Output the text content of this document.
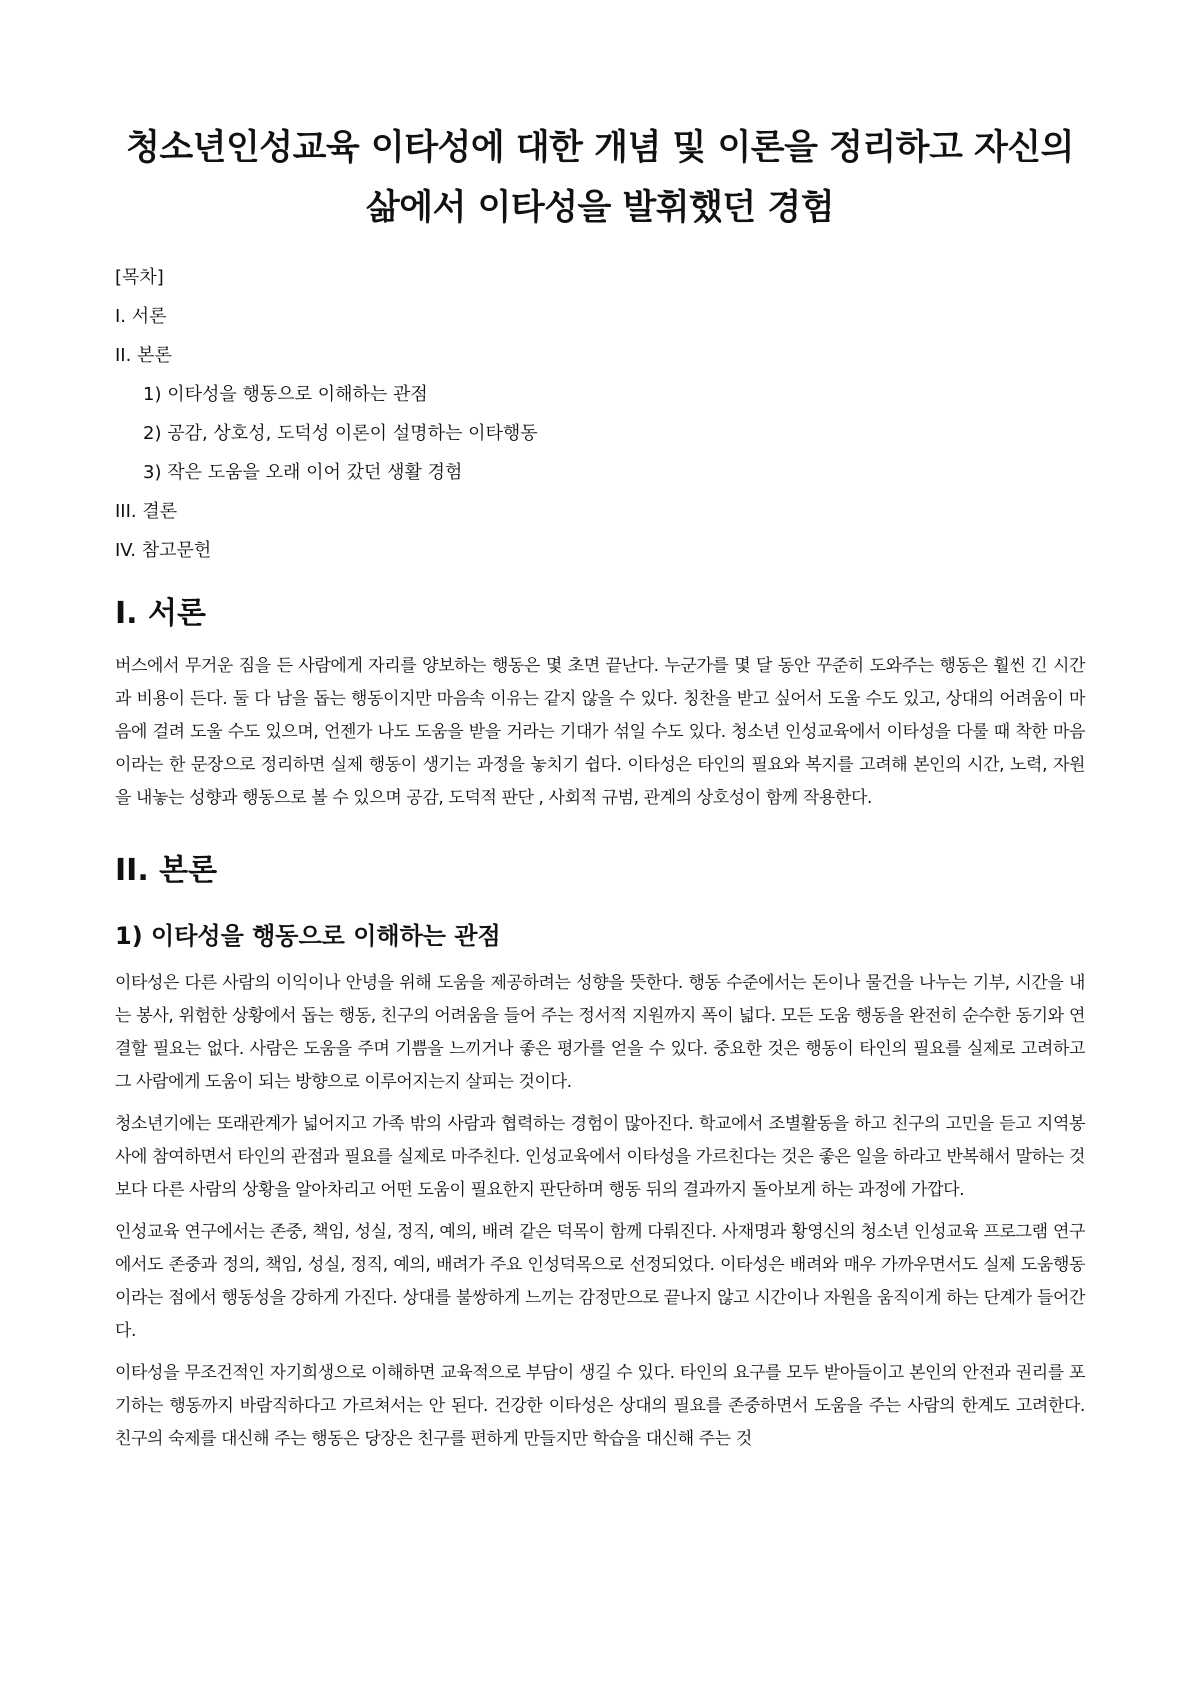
청소년인성교육 이타성에 대한 개념 및 이론을 정리하고 자신의
삶에서 이타성을 발휘했던 경험
[목차]
I. 서론
II. 본론
1) 이타성을 행동으로 이해하는 관점
2) 공감, 상호성, 도덕성 이론이 설명하는 이타행동
3) 작은 도움을 오래 이어 갔던 생활 경험
III. 결론
IV. 참고문헌
I. 서론

버스에서 무거운 짐을 든 사람에게 자리를 양보하는 행동은 몇 초면 끝난다. 누군가를 몇 달 동안 꾸준히 도와주는 행동은 훨씬 긴 시간과 비용이 든다. 둘 다 남을 돕는 행동이지만 마음속 이유는 같지 않을 수 있다. 칭찬을 받고 싶어서 도울 수도 있고, 상대의 어려움이 마음에 걸려 도울 수도 있으며, 언젠가 나도 도움을 받을 거라는 기대가 섞일 수도 있다. 청소년 인성교육에서 이타성을 다룰 때 착한 마음이라는 한 문장으로 정리하면 실제 행동이 생기는 과정을 놓치기 쉽다. 이타성은 타인의 필요와 복지를 고려해 본인의 시간, 노력, 자원을 내놓는 성향과 행동으로 볼 수 있으며 공감, 도덕적 판단 , 사회적 규범, 관계의 상호성이 함께 작용한다.

II. 본론
1) 이타성을 행동으로 이해하는 관점

이타성은 다른 사람의 이익이나 안녕을 위해 도움을 제공하려는 성향을 뜻한다. 행동 수준에서는 돈이나 물건을 나누는 기부, 시간을 내는 봉사, 위험한 상황에서 돕는 행동, 친구의 어려움을 들어 주는 정서적 지원까지 폭이 넓다. 모든 도움 행동을 완전히 순수한 동기와 연결할 필요는 없다. 사람은 도움을 주며 기쁨을 느끼거나 좋은 평가를 얻을 수 있다. 중요한 것은 행동이 타인의 필요를 실제로 고려하고 그 사람에게 도움이 되는 방향으로 이루어지는지 살피는 것이다.

청소년기에는 또래관계가 넓어지고 가족 밖의 사람과 협력하는 경험이 많아진다. 학교에서 조별활동을 하고 친구의 고민을 듣고 지역봉사에 참여하면서 타인의 관점과 필요를 실제로 마주친다. 인성교육에서 이타성을 가르친다는 것은 좋은 일을 하라고 반복해서 말하는 것보다 다른 사람의 상황을 알아차리고 어떤 도움이 필요한지 판단하며 행동 뒤의 결과까지 돌아보게 하는 과정에 가깝다.

인성교육 연구에서는 존중, 책임, 성실, 정직, 예의, 배려 같은 덕목이 함께 다뤄진다. 사재명과 황영신의 청소년 인성교육 프로그램 연구에서도 존중과 정의, 책임, 성실, 정직, 예의, 배려가 주요 인성덕목으로 선정되었다. 이타성은 배려와 매우 가까우면서도 실제 도움행동이라는 점에서 행동성을 강하게 가진다. 상대를 불쌍하게 느끼는 감정만으로 끝나지 않고 시간이나 자원을 움직이게 하는 단계가 들어간다.

이타성을 무조건적인 자기희생으로 이해하면 교육적으로 부담이 생길 수 있다. 타인의 요구를 모두 받아들이고 본인의 안전과 권리를 포기하는 행동까지 바람직하다고 가르쳐서는 안 된다. 건강한 이타성은 상대의 필요를 존중하면서 도움을 주는 사람의 한계도 고려한다. 친구의 숙제를 대신해 주는 행동은 당장은 친구를 편하게 만들지만 학습을 대신해 주는 것
